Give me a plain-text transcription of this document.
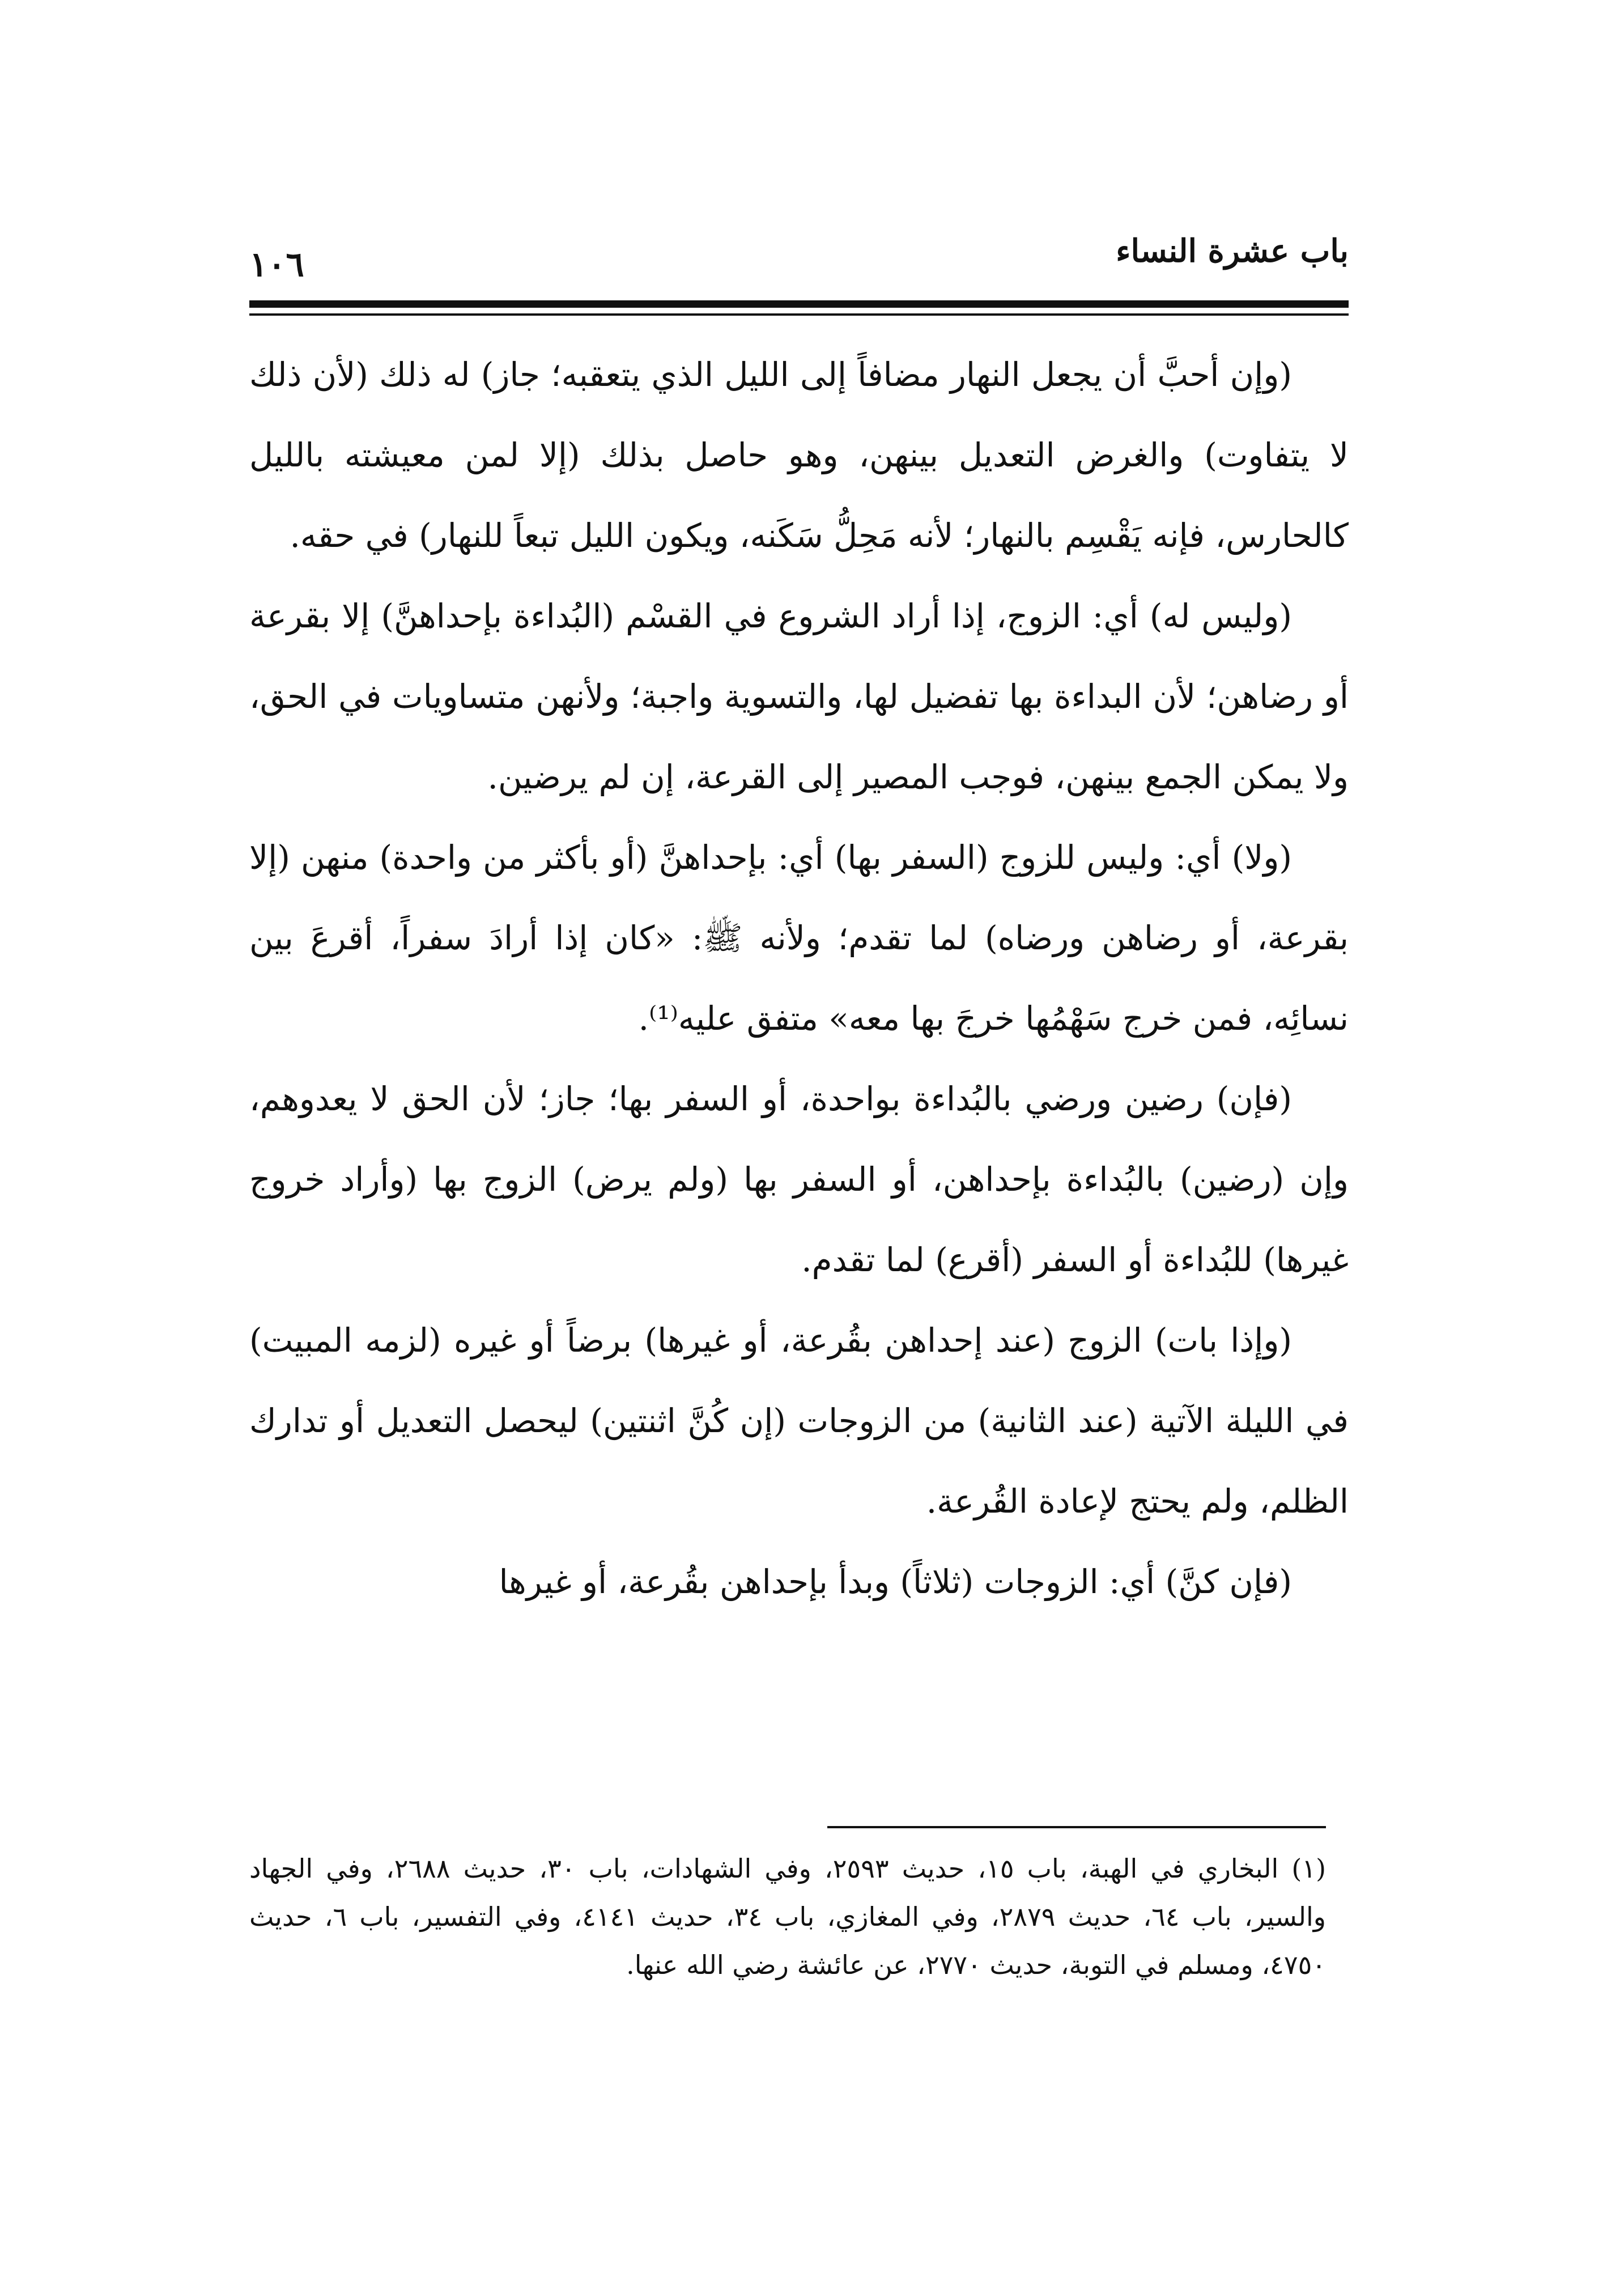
باب عشرة النساء
١٠٦

(وإن أحبَّ أن يجعل النهار مضافاً إلى الليل الذي يتعقبه؛ جاز) له ذلك (لأن ذلك لا يتفاوت) والغرض التعديل بينهن، وهو حاصل بذلك (إلا لمن معيشته بالليل كالحارس، فإنه يَقْسِم بالنهار؛ لأنه مَحِلُّ سَكَنه، ويكون الليل تبعاً للنهار) في حقه.

(وليس له) أي: الزوج، إذا أراد الشروع في القسْم (البُداءة بإحداهنَّ) إلا بقرعة أو رضاهن؛ لأن البداءة بها تفضيل لها، والتسوية واجبة؛ ولأنهن متساويات في الحق، ولا يمكن الجمع بينهن، فوجب المصير إلى القرعة، إن لم يرضين.

(ولا) أي: وليس للزوج (السفر بها) أي: بإحداهنَّ (أو بأكثر من واحدة) منهن (إلا بقرعة، أو رضاهن ورضاه) لما تقدم؛ ولأنه ﷺ: «كان إذا أرادَ سفراً، أقرعَ بين نسائِه، فمن خرج سَهْمُها خرجَ بها معه» متفق عليه⁽¹⁾.

(فإن) رضين ورضي بالبُداءة بواحدة، أو السفر بها؛ جاز؛ لأن الحق لا يعدوهم، وإن (رضين) بالبُداءة بإحداهن، أو السفر بها (ولم يرض) الزوج بها (وأراد خروج غيرها) للبُداءة أو السفر (أقرع) لما تقدم.

(وإذا بات) الزوج (عند إحداهن بقُرعة، أو غيرها) برضاً أو غيره (لزمه المبيت) في الليلة الآتية (عند الثانية) من الزوجات (إن كُنَّ اثنتين) ليحصل التعديل أو تدارك الظلم، ولم يحتج لإعادة القُرعة.

(فإن كنَّ) أي: الزوجات (ثلاثاً) وبدأ بإحداهن بقُرعة، أو غيرها

(١) البخاري في الهبة، باب ١٥، حديث ٢٥٩٣، وفي الشهادات، باب ٣٠، حديث ٢٦٨٨، وفي الجهاد والسير، باب ٦٤، حديث ٢٨٧٩، وفي المغازي، باب ٣٤، حديث ٤١٤١، وفي التفسير، باب ٦، حديث ٤٧٥٠، ومسلم في التوبة، حديث ٢٧٧٠، عن عائشة رضي الله عنها.
